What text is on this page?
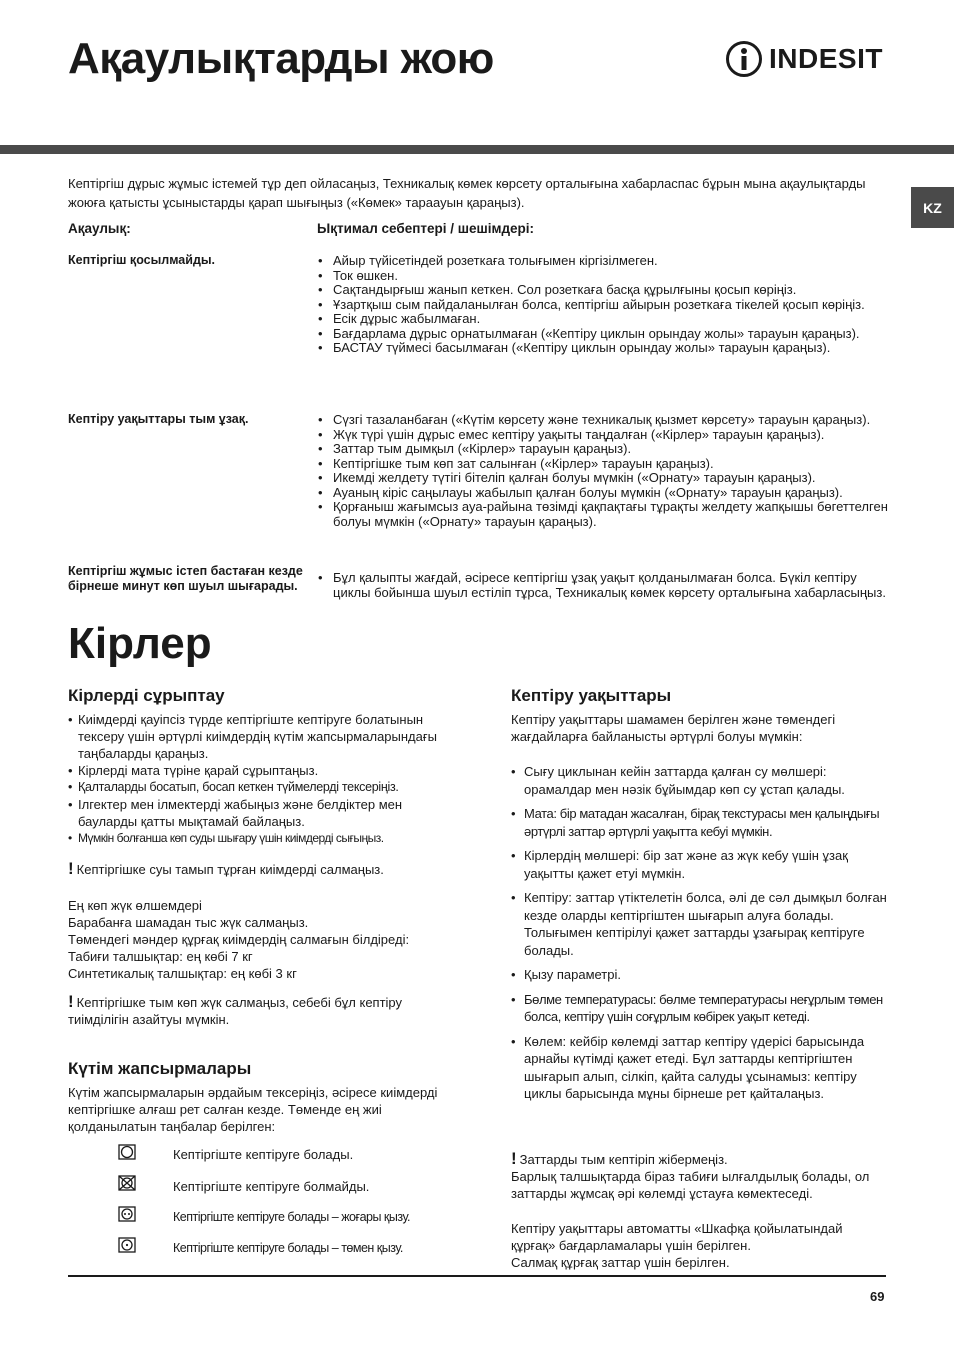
Ақаулықтарды жою	INDESIT
KZ
Кептіргіш дұрыс жұмыс істемей тұр деп ойласаңыз, Техникалық көмек көрсету орталығына хабарласпас бұрын мына ақаулықтарды жоюға қатысты ұсыныстарды қарап шығыңыз («Көмек» тараауын қараңыз).
Ақаулық:	Ықтимал себептері / шешімдері:
Кептіргіш қосылмайды.	• Айыр түйісетіндей розеткаға толығымен кіргізілмеген.
• Ток өшкен.
• Сақтандырғыш жанып кеткен. Сол розеткаға басқа құрылғыны қосып көріңіз.
• Ұзартқыш сым пайдаланылған болса, кептіргіш айырын розеткаға тікелей қосып көріңіз.
• Есік дұрыс жабылмаған.
• Бағдарлама дұрыс орнатылмаған («Кептіру циклын орындау жолы» тарауын қараңыз).
• БАСТАУ түймесі басылмаған («Кептіру циклын орындау жолы» тарауын қараңыз).
Кептіру уақыттары тым ұзақ.	• Сүзгі тазаланбаған («Күтім көрсету және техникалық қызмет көрсету» тарауын қараңыз).
• Жүк түрі үшін дұрыс емес кептіру уақыты таңдалған («Кірлер» тарауын қараңыз).
• Заттар тым дымқыл («Кірлер» тарауын қараңыз).
• Кептіргішке тым көп зат салынған («Кірлер» тарауын қараңыз).
• Икемді желдету түтігі бітеліп қалған болуы мүмкін («Орнату» тарауын қараңыз).
• Ауаның кіріс саңылауы жабылып қалған болуы мүмкін («Орнату» тарауын қараңыз).
• Қорғаныш жағымсыз ауа-райына төзімді қақпақтағы тұрақты желдету жапқышы бөгеттелген болуы мүмкін («Орнату» тарауын қараңыз).
Кептіргіш жұмыс істеп бастаған кезде бірнеше минут көп шуыл шығарады.
• Бұл қалыпты жағдай, әсіресе кептіргіш ұзақ уақыт қолданылмаған болса. Бүкіл кептіру циклы бойынша шуыл естіліп тұрса, Техникалық көмек көрсету орталығына хабарласыңыз.
Кірлер
Кірлерді сұрыптау
• Киімдерді қауіпсіз түрде кептіргіште кептіруге болатынын тексеру үшін әртүрлі киімдердің күтім жапсырмаларындағы таңбаларды қараңыз.
• Кірлерді мата түріне қарай сұрыптаңыз.
• Қалталарды босатып, босап кеткен түймелерді тексеріңіз.
• Ілгектер мен ілмектерді жабыңыз және белдіктер мен бауларды қатты мықтамай байлаңыз.
• Мүмкін болғанша көп суды шығару үшін киімдерді сығыңыз.
! Кептіргішке суы тамып тұрған киімдерді салмаңыз.
Ең көп жүк өлшемдері
Барабанға шамадан тыс жүк салмаңыз.
Төмендегі мәндер құрғақ киімдердің салмағын білдіреді:
Табиғи талшықтар: ең көбі 7 кг
Синтетикалық талшықтар: ең көбі 3 кг
! Кептіргішке тым көп жүк салмаңыз, себебі бұл кептіру тиімділігін азайтуы мүмкін.
Күтім жапсырмалары
Күтім жапсырмаларын әрдайым тексеріңіз, әсіресе киімдерді кептіргішке алғаш рет салған кезде. Төменде ең жиі қолданылатын таңбалар берілген:
Кептіргіште кептіруге болады.
Кептіргіште кептіруге болмайды.
Кептіргіште кептіруге болады – жоғары қызу.
Кептіргіште кептіруге болады – төмен қызу.
Кептіру уақыттары
Кептіру уақыттары шамамен берілген және төмендегі жағдайларға байланысты әртүрлі болуы мүмкін:
• Сығу циклынан кейін заттарда қалған су мөлшері: орамалдар мен нәзік бұйымдар көп су ұстап қалады.
• Мата: бір матадан жасалған, бірақ текстурасы мен қалыңдығы әртүрлі заттар әртүрлі уақытта кебуі мүмкін.
• Кірлердің мөлшері: бір зат және аз жүк кебу үшін ұзақ уақытты қажет етуі мүмкін.
• Кептіру: заттар үтіктелетін болса, әлі де сәл дымқыл болған кезде оларды кептіргіштен шығарып алуға болады. Толығымен кептірілуі қажет заттарды ұзағырақ кептіруге болады.
• Қызу параметрі.
• Бөлме температурасы: бөлме температурасы неғұрлым төмен болса, кептіру үшін соғұрлым көбірек уақыт кетеді.
• Көлем: кейбір көлемді заттар кептіру үдерісі барысында арнайы күтімді қажет етеді. Бұл заттарды кептіргіштен шығарып алып, сілкіп, қайта салуды ұсынамыз: кептіру циклы барысында мұны бірнеше рет қайталаңыз.
! Заттарды тым кептіріп жібермеңіз.
Барлық талшықтарда біраз табиғи ылғалдылық болады, ол заттарды жұмсақ әрі көлемді ұстауға көмектеседі.
Кептіру уақыттары автоматты «Шкафқа қойылатындай
құрғақ» бағдарламалары үшін берілген.
Салмақ құрғақ заттар үшін берілген.
69
